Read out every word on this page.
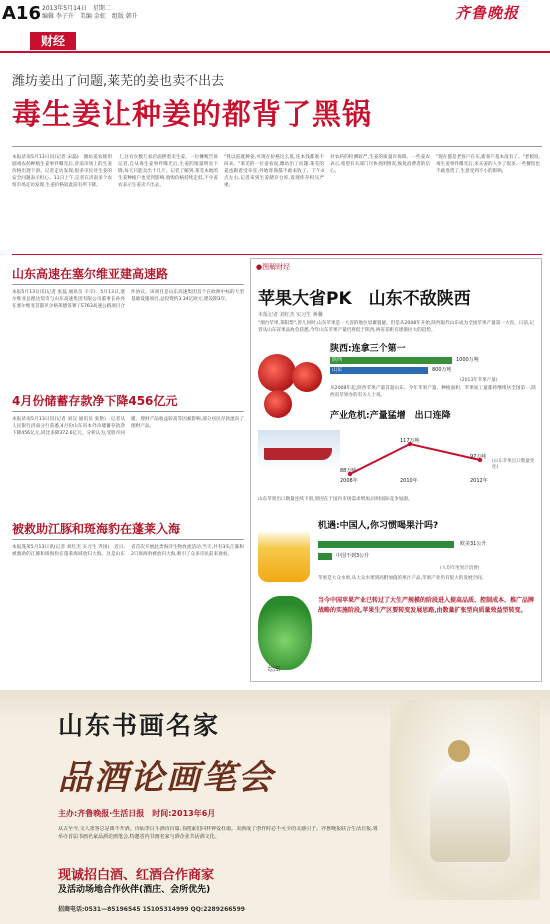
A16 2013年5月14日　星期二
编辑 李子升　美编 金虹　组版 韩升	齐鲁晚报
财经
潍坊姜出了问题,莱芜的姜也卖不出去
毒生姜让种姜的都背了黑锅
本报济南5月13日讯(记者 宋磊)　潍坊姜农使用剧毒农药种植生姜事件曝光后,济南市场上的生姜价格出现下滑。记者走访发现,很多市民对生姜的安全问题表示担心。11日上午,记者在济南多个农贸市场走访发现,生姜价格较此前有所下降。
上,这有少数几家店面摆着卖生姜。一位摊贩告诉记者,自从毒生姜事件曝光后,生姜的销量明显下降,每天只能卖出十几斤。记者了解到,莱芜本地的生姜种植户也受到影响,收购价格持续走低,不少姜农表示生姜卖不出去。
"我以前就种姜,可现在价格这么低,连本钱都收不回来。"莱芜的一位姜农说,潍坊出了问题,莱芜的姜也跟着受牵连,外地客商都不敢来收了。下午4点左右,记者来到生姜储存仓库,发现库存积压严重。
对农药的检测较严,生姜的质量有保障。一些姜农表示,希望有关部门尽快查明情况,恢复消费者的信心。
"现在都是老客户在买,新客户基本没有了。"老板说,毒生姜事件曝光后,来买姜的人少了很多,一些餐馆也不敢进货了,生意受到不小的影响。
山东高速在塞尔维亚建高速路
本报5月13日讯(记者 张磊 通讯员 辛辛)　5月13日,塞尔维亚总理达契奇与山东高速集团有限公司董事长孙亮在塞尔维亚首都贝尔格莱德签署了E763高速公路项目合作协议。该项目是山东高速集团首个在欧洲中标的大型基础设施项目,总投资约3.34亿欧元,建设期3年。
4月份储蓄存款净下降456亿元
本报济南5月13日讯(记者 刘汉 通讯员 张艳)　记者从人民银行济南分行获悉,4月份山东省本外币储蓄存款净下降456亿元,同比多降372.6亿元。分析认为,受股市回暖、理财产品收益较高等因素影响,部分居民存款流向了理财产品。
被救助江豚和斑海豹在蓬莱入海
本报蓬莱5月13日讯(记者 刘红杰 实习生 齐国)　近日,被救助的江豚和斑海豹在蓬莱海域放归大海。这是山东省首次开展此类海洋生物放流活动,当天,共有3头江豚和2只斑海豹被放归大海,吸引了众多市民前来观看。
●图解财经
苹果大省PK　山东不敌陕西
本报记者 刘红杰 实习生 蒋馨
"烟台苹果,莱阳梨",曾几何时,山东苹果是一大省的地位毋庸置疑。但是从2008年开始,陕西取代山东成为全国苹果产量第一大省。日前,记者从山东省果品协会获悉,今年山东苹果产量仍将低于陕西,两省差距有逐渐拉大的趋势。
陕西:连拿三个第一
陕西	1000万吨
山东	800万吨
(2013年苹果产量)
从2008年起,陕西苹果产量首超山东。今年苹果产量、种植面积、苹果加工量都将继续居全国第一,陕西省苹果办的有关人士说。
产业危机:产量猛增　出口连降
88万吨
117万吨
97万吨
2008年	2010年	2012年
(山东苹果出口数量变化)
山东苹果出口数量连续下滑,原因在于国内市场需求增加,同时国际竞争加剧。
机遇:中国人,你习惯喝果汁吗?
欧美31公升
中国不到3公升
(人均年度果汁消费)
苹果是大众水果,从大众水果到高附加值的果汁产品,苹果产业仍有很大的发展空间。
绘图
当今中国苹果产业已转过了大生产规模的阶段进入提高品质、控制成本、推广品牌战略的实施阶段,苹果生产区要转变发展思路,由数量扩张型向质量效益型转变。
山东书画名家
品酒论画笔会
主办:齐鲁晚报·生活日报　时间:2013年6月
从古至今,文人墨客总是离不开酒。诗仙李白斗酒诗百篇,书画家们同样钟爱杜康。美酒成了创作时必不可少的灵感引子。齐鲁晚报联合生活日报,将举办首届书画名家品酒论画笔会,特邀省内书画名家与酒企业共话酒文化。
现诚招白酒、红酒合作商家
及活动场地合作伙伴(酒庄、会所优先)
招商电话:0531—85196545 15105314999 QQ:2289266599
